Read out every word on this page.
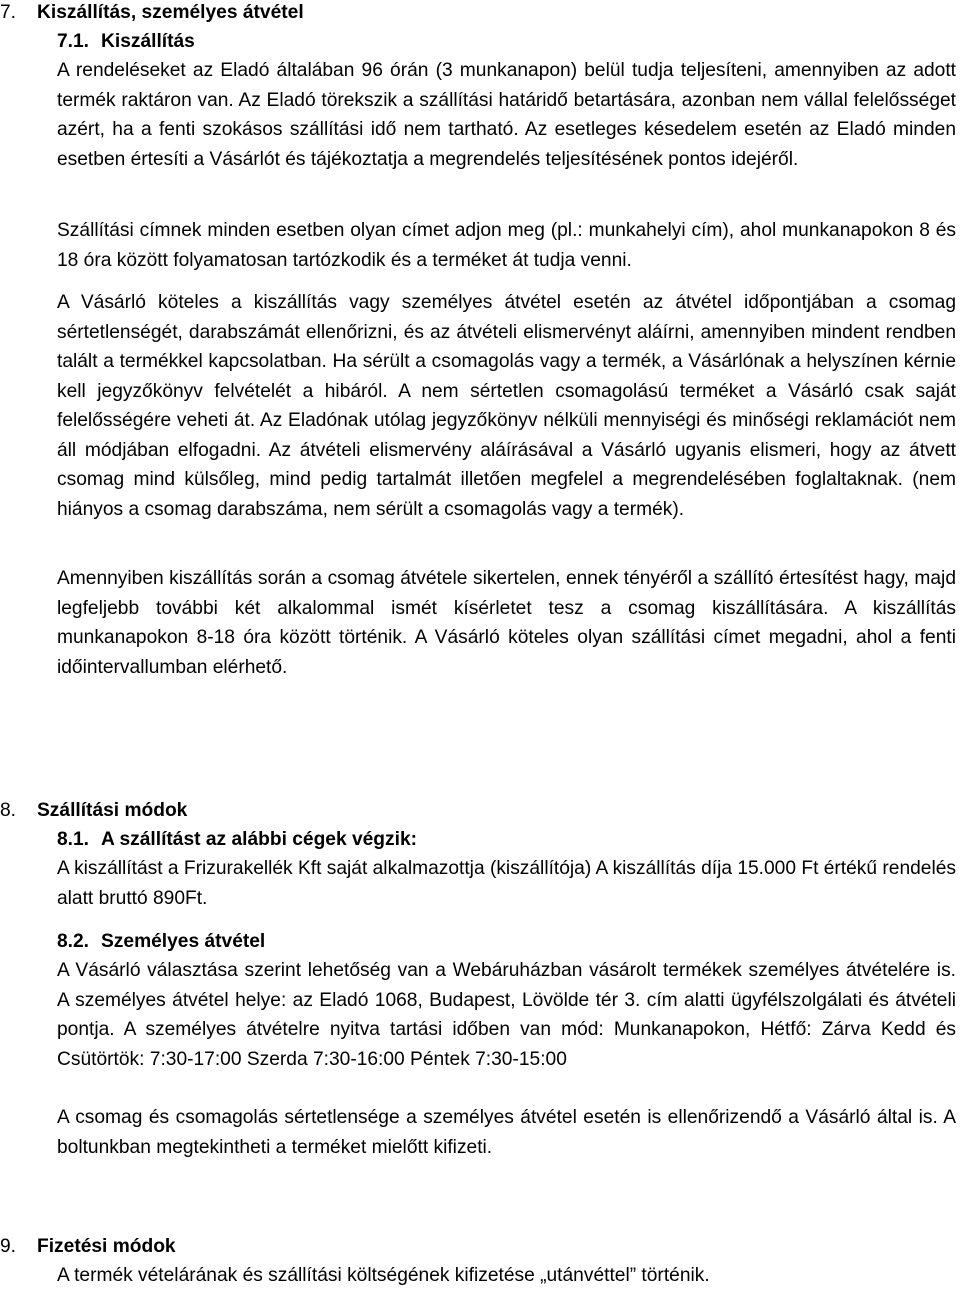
7. Kiszállítás, személyes átvétel
7.1. Kiszállítás

A rendeléseket az Eladó általában 96 órán (3 munkanapon) belül tudja teljesíteni, amennyiben az adott termék raktáron van. Az Eladó törekszik a szállítási határidő betartására, azonban nem vállal felelősséget azért, ha a fenti szokásos szállítási idő nem tartható. Az esetleges késedelem esetén az Eladó minden esetben értesíti a Vásárlót és tájékoztatja a megrendelés teljesítésének pontos idejéről.

Szállítási címnek minden esetben olyan címet adjon meg (pl.: munkahelyi cím), ahol munkanapokon 8 és 18 óra között folyamatosan tartózkodik és a terméket át tudja venni.

A Vásárló köteles a kiszállítás vagy személyes átvétel esetén az átvétel időpontjában a csomag sértetlenségét, darabszámát ellenőrizni, és az átvételi elismervényt aláírni, amennyiben mindent rendben talált a termékkel kapcsolatban. Ha sérült a csomagolás vagy a termék, a Vásárlónak a helyszínen kérnie kell jegyzőkönyv felvételét a hibáról. A nem sértetlen csomagolású terméket a Vásárló csak saját felelősségére veheti át. Az Eladónak utólag jegyzőkönyv nélküli mennyiségi és minőségi reklamációt nem áll módjában elfogadni. Az átvételi elismervény aláírásával a Vásárló ugyanis elismeri, hogy az átvett csomag mind külsőleg, mind pedig tartalmát illetően megfelel a megrendelésében foglaltaknak. (nem hiányos a csomag darabszáma, nem sérült a csomagolás vagy a termék).

Amennyiben kiszállítás során a csomag átvétele sikertelen, ennek tényéről a szállító értesítést hagy, majd legfeljebb további két alkalommal ismét kísérletet tesz a csomag kiszállítására. A kiszállítás munkanapokon 8-18 óra között történik. A Vásárló köteles olyan szállítási címet megadni, ahol a fenti időintervallumban elérhető.

8. Szállítási módok
8.1. A szállítást az alábbi cégek végzik:

A kiszállítást a Frizurakellék Kft saját alkalmazottja (kiszállítója) A kiszállítás díja 15.000 Ft értékű rendelés alatt bruttó 890Ft.

8.2. Személyes átvétel

A Vásárló választása szerint lehetőség van a Webáruházban vásárolt termékek személyes átvételére is. A személyes átvétel helye: az Eladó 1068, Budapest, Lövölde tér 3. cím alatti ügyfélszolgálati és átvételi pontja. A személyes átvételre nyitva tartási időben van mód: Munkanapokon, Hétfő: Zárva Kedd és Csütörtök: 7:30-17:00 Szerda 7:30-16:00 Péntek 7:30-15:00

A csomag és csomagolás sértetlensége a személyes átvétel esetén is ellenőrizendő a Vásárló által is. A boltunkban megtekintheti a terméket mielőtt kifizeti.

9. Fizetési módok

A termék vételárának és szállítási költségének kifizetése „utánvéttel” történik.
